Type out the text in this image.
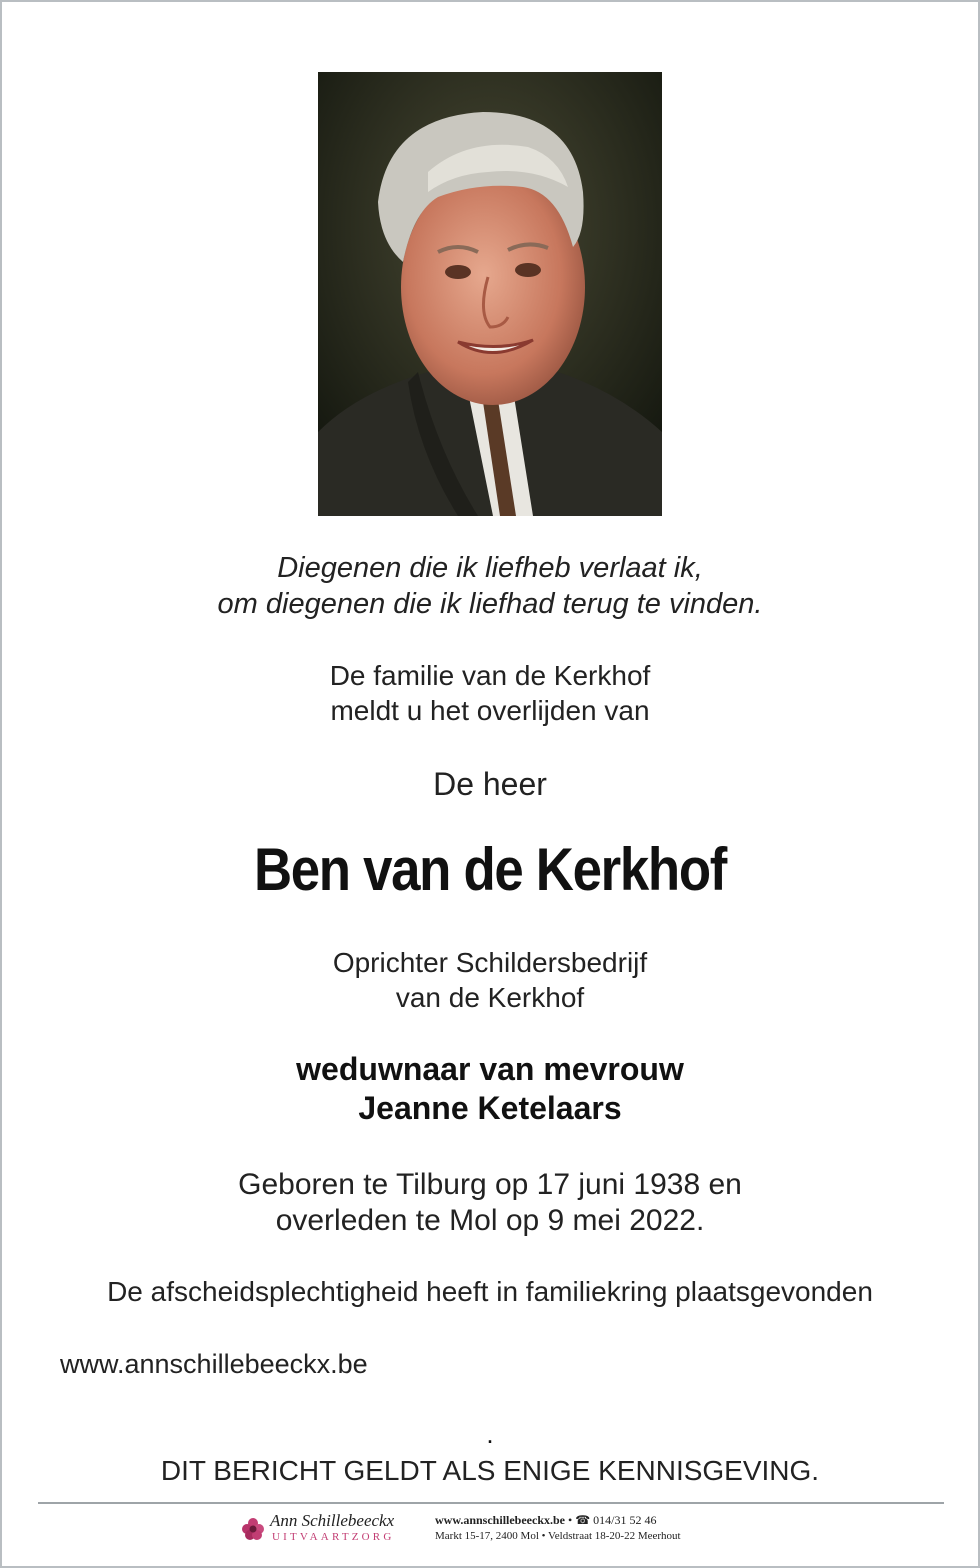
Diegenen die ik liefheb verlaat ik,
om diegenen die ik liefhad terug te vinden.
De familie van de Kerkhof
meldt u het overlijden van
De heer
Ben van de Kerkhof
Oprichter Schildersbedrijf
van de Kerkhof
weduwnaar van mevrouw
Jeanne Ketelaars
Geboren te Tilburg op 17 juni 1938 en
overleden te Mol op 9 mei 2022.
De afscheidsplechtigheid heeft in familiekring plaatsgevonden
www.annschillebeeckx.be
.
DIT BERICHT GELDT ALS ENIGE KENNISGEVING.
Ann Schillebeeckx
UITVAARTZORG
www.annschillebeeckx.be • ☎ 014/31 52 46
Markt 15-17, 2400 Mol • Veldstraat 18-20-22 Meerhout
